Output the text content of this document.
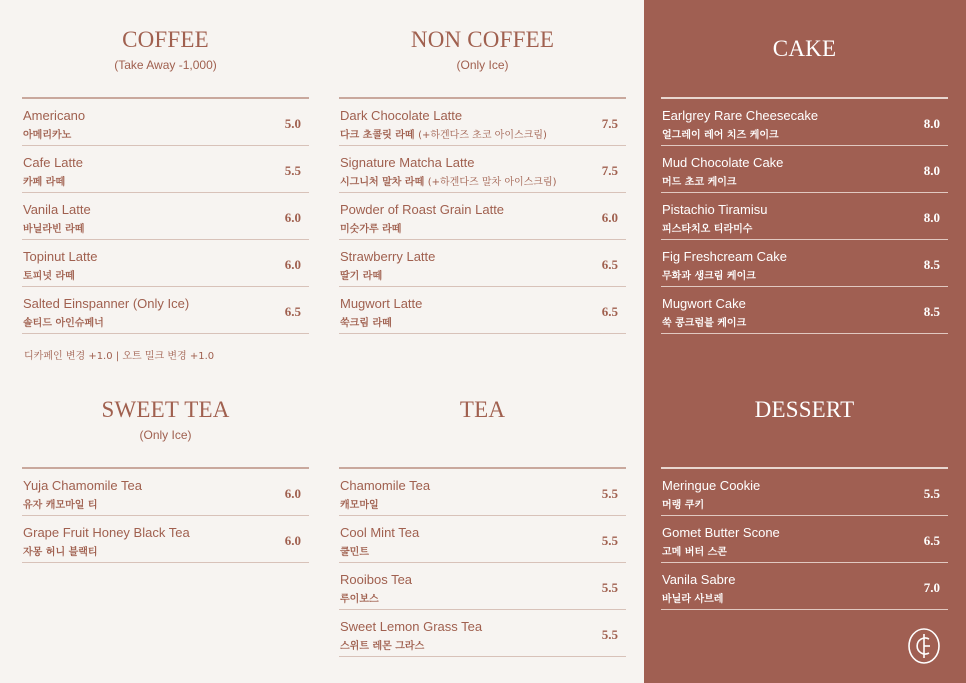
COFFEE
(Take Away -1,000)
Americano
아메리카노
5.0
Cafe Latte
카페 라떼
5.5
Vanila Latte
바닐라빈 라떼
6.0
Topinut Latte
토피넛 라떼
6.0
Salted Einspanner (Only Ice)
솔티드 아인슈페너
6.5
디카페인 변경 +1.0 | 오트 밀크 변경 +1.0
NON COFFEE
(Only Ice)
Dark Chocolate Latte
다크 초콜릿 라떼 (+하겐다즈 초코 아이스크림)
7.5
Signature Matcha Latte
시그니처 말차 라떼 (+하겐다즈 말차 아이스크림)
7.5
Powder of Roast Grain Latte
미숫가루 라떼
6.0
Strawberry Latte
딸기 라떼
6.5
Mugwort Latte
쑥크림 라떼
6.5
CAKE
Earlgrey Rare Cheesecake
얼그레이 레어 치즈 케이크
8.0
Mud Chocolate Cake
머드 초코 케이크
8.0
Pistachio Tiramisu
피스타치오 티라미수
8.0
Fig Freshcream Cake
무화과 생크림 케이크
8.5
Mugwort Cake
쑥 콩크럼블 케이크
8.5
SWEET TEA
(Only Ice)
Yuja Chamomile Tea
유자 캐모마일 티
6.0
Grape Fruit Honey Black Tea
자몽 허니 블랙티
6.0
TEA
Chamomile Tea
캐모마일
5.5
Cool Mint Tea
쿨민트
5.5
Rooibos Tea
루이보스
5.5
Sweet Lemon Grass Tea
스위트 레몬 그라스
5.5
DESSERT
Meringue Cookie
머랭 쿠키
5.5
Gomet Butter Scone
고메 버터 스콘
6.5
Vanila Sabre
바닐라 사브레
7.0
